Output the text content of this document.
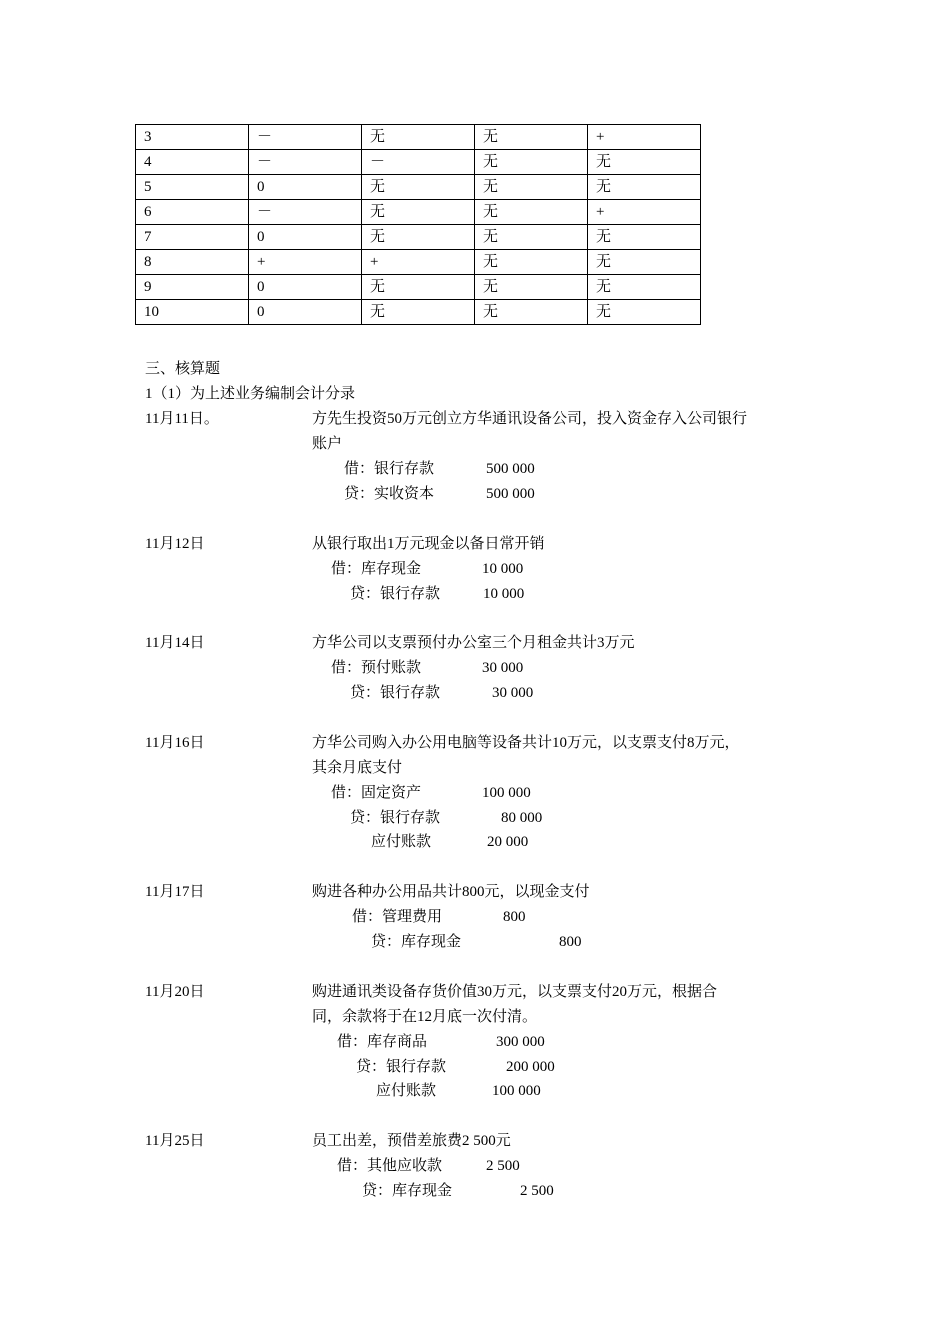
3	－	无	无	+
4	－	－	无	无
5	0	无	无	无
6	－	无	无	+
7	0	无	无	无
8	+	+	无	无
9	0	无	无	无
10	0	无	无	无
三、核算题
1（1）为上述业务编制会计分录
11月11日。	方先生投资50万元创立方华通讯设备公司，投入资金存入公司银行
账户
借：银行存款	500 000
贷：实收资本	500 000
11月12日	从银行取出1万元现金以备日常开销
借：库存现金	10 000
贷：银行存款	10 000
11月14日	方华公司以支票预付办公室三个月租金共计3万元
借：预付账款	30 000
贷：银行存款	30 000
11月16日	方华公司购入办公用电脑等设备共计10万元，以支票支付8万元，
其余月底支付
借：固定资产	100 000
贷：银行存款	80 000
应付账款	20 000
11月17日	购进各种办公用品共计800元，以现金支付
借：管理费用	800
贷：库存现金	800
11月20日	购进通讯类设备存货价值30万元，以支票支付20万元，根据合
同，余款将于在12月底一次付清。
借：库存商品	300 000
贷：银行存款	200 000
应付账款	100 000
11月25日	员工出差，预借差旅费2 500元
借：其他应收款	2 500
贷：库存现金	2 500
